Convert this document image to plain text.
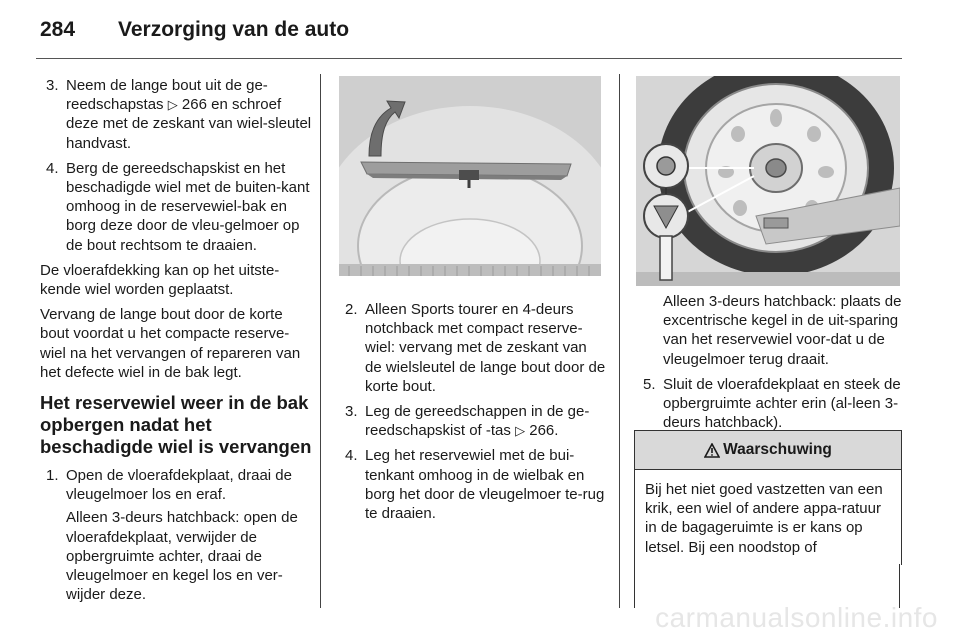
284 Verzorging van de auto
3. Neem de lange bout uit de ge-reedschapstas ▷ 266 en schroef deze met de zeskant van wiel-sleutel handvast.
4. Berg de gereedschapskist en het beschadigde wiel met de buiten-kant omhoog in de reservewiel-bak en borg deze door de vleu-gelmoer op de bout rechtsom te draaien.

De vloerafdekking kan op het uitste-kende wiel worden geplaatst.

Vervang de lange bout door de korte bout voordat u het compacte reserve-wiel na het vervangen of repareren van het defecte wiel in de bak legt.

Het reservewiel weer in de bak opbergen nadat het beschadigde wiel is vervangen
1. Open de vloerafdekplaat, draai de vleugelmoer los en eraf.
Alleen 3-deurs hatchback: open de vloerafdekplaat, verwijder de opbergruimte achter, draai de vleugelmoer en kegel los en ver-wijder deze.
2. Alleen Sports tourer en 4-deurs notchback met compact reserve-wiel: vervang met de zeskant van de wielsleutel de lange bout door de korte bout.
3. Leg de gereedschappen in de ge-reedschapskist of -tas ▷ 266.
4. Leg het reservewiel met de bui-tenkant omhoog in de wielbak en borg het door de vleugelmoer te-rug te draaien.
Alleen 3-deurs hatchback: plaats de excentrische kegel in de uit-sparing van het reservewiel voor-dat u de vleugelmoer terug draait.
5. Sluit de vloerafdekplaat en steek de opbergruimte achter erin (al-leen 3-deurs hatchback).
Waarschuwing
Bij het niet goed vastzetten van een krik, een wiel of andere appa-ratuur in de bagageruimte is er kans op letsel. Bij een noodstop of
carmanualsonline.info
